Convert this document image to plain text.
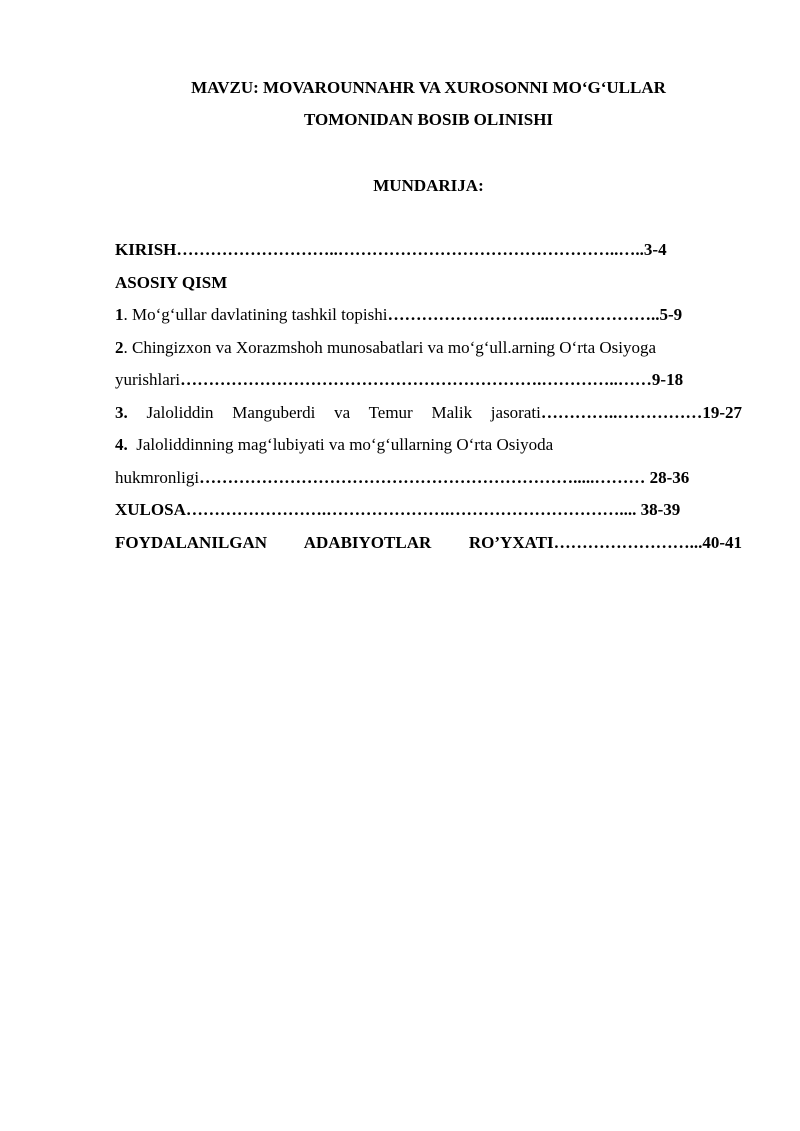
MAVZU: MOVAROUNNAHR VA XUROSONNI MO‘G‘ULLAR
TOMONIDAN BOSIB OLINISHI
MUNDARIJA:
KIRISH………………………..…………………………………………..…..3-4
ASOSIY QISM
1. Mo‘g‘ullar davlatining tashkil topishi………………………..………………..5-9
2. Chingizxon va Xorazmshoh munosabatlari va mo‘g‘ull.arning O‘rta Osiyoga
yurishlari……………………………………………………….…………..……9-18
3. Jaloliddin Manguberdi va Temur Malik jasorati…………..……………19-27
4.  Jaloliddinning mag‘lubiyati va mo‘g‘ullarning O‘rta Osiyoda
hukmronligi………………………………………………………….....……… 28-36
XULOSA…………………….………………….………………………….... 38-39
FOYDALANILGAN ADABIYOTLAR RO’YXATI……………………...40-41
